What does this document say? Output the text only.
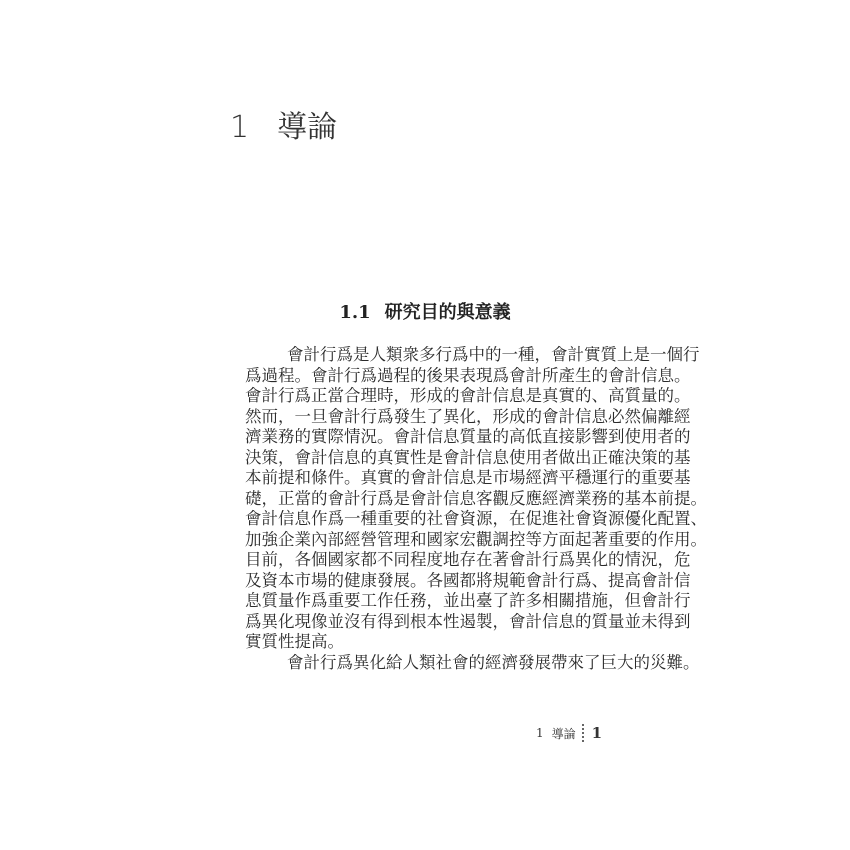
1 導論
1.1 研究目的與意義
會計行爲是人類衆多行爲中的一種，會計實質上是一個行
爲過程。會計行爲過程的後果表現爲會計所產生的會計信息。
會計行爲正當合理時，形成的會計信息是真實的、高質量的。
然而，一旦會計行爲發生了異化，形成的會計信息必然偏離經
濟業務的實際情況。會計信息質量的高低直接影響到使用者的
決策，會計信息的真實性是會計信息使用者做出正確決策的基
本前提和條件。真實的會計信息是市場經濟平穩運行的重要基
礎，正當的會計行爲是會計信息客觀反應經濟業務的基本前提。
會計信息作爲一種重要的社會資源，在促進社會資源優化配置、
加強企業內部經營管理和國家宏觀調控等方面起著重要的作用。
目前，各個國家都不同程度地存在著會計行爲異化的情況，危
及資本市場的健康發展。各國都將規範會計行爲、提高會計信
息質量作爲重要工作任務，並出臺了許多相關措施，但會計行
爲異化現像並沒有得到根本性遏製，會計信息的質量並未得到
實質性提高。
會計行爲異化給人類社會的經濟發展帶來了巨大的災難。
1 導論 1
